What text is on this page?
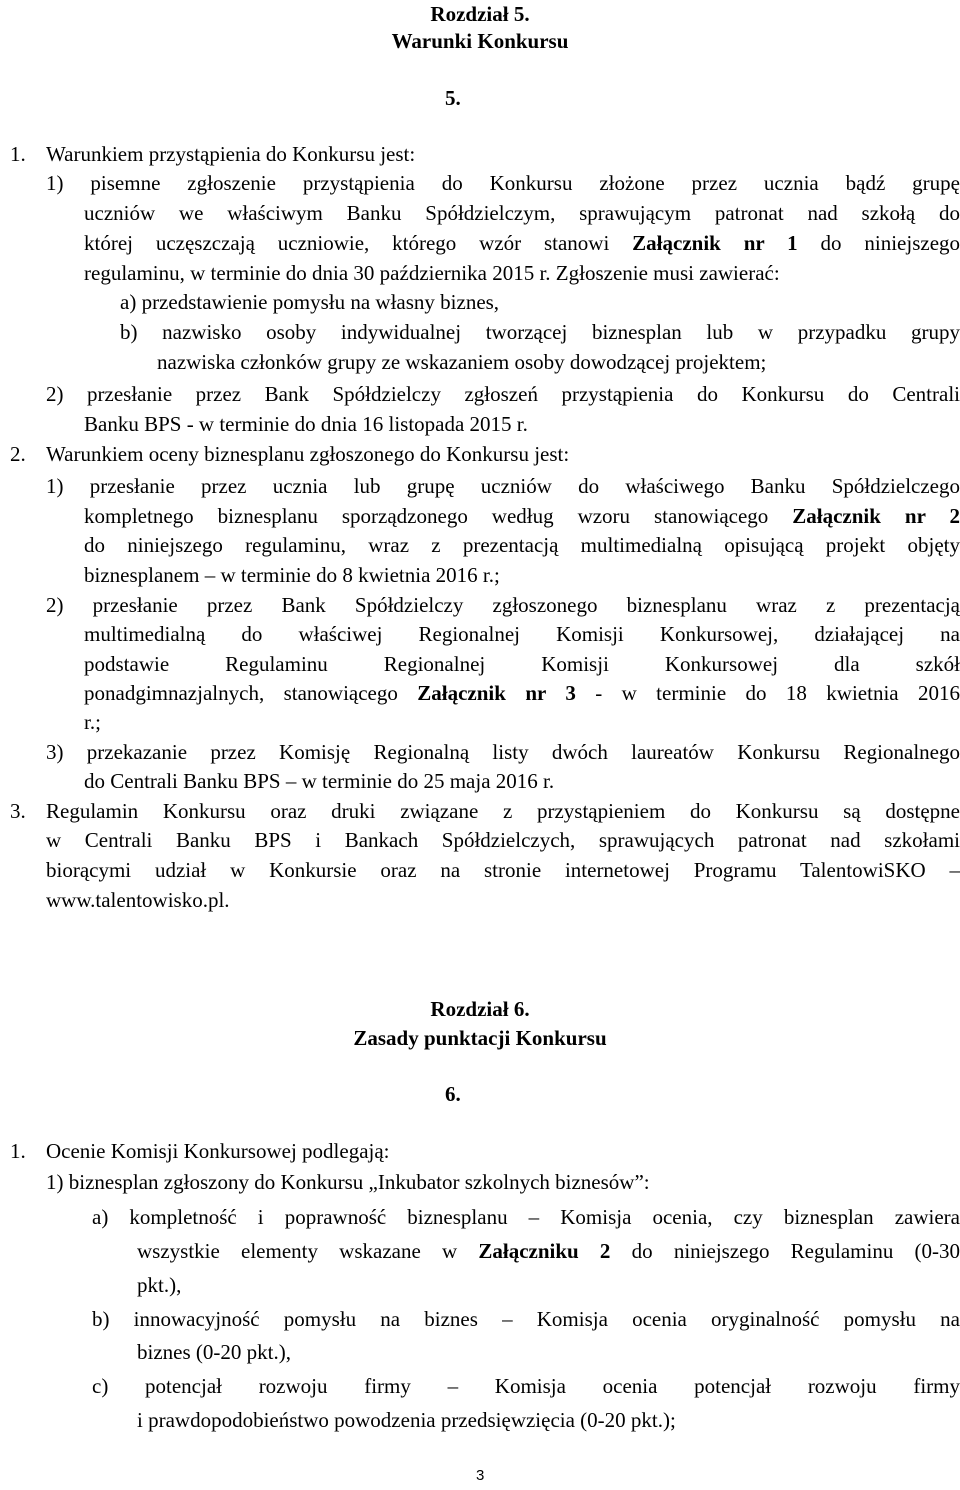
Rozdział 5.
Warunki Konkursu
5.
1. Warunkiem przystąpienia do Konkursu jest:
1) pisemne zgłoszenie przystąpienia do Konkursu złożone przez ucznia bądź grupę
uczniów we właściwym Banku Spółdzielczym, sprawującym patronat nad szkołą do
której uczęszczają uczniowie, którego wzór stanowi Załącznik nr 1 do niniejszego
regulaminu, w terminie do dnia 30 października 2015 r. Zgłoszenie musi zawierać:
a) przedstawienie pomysłu na własny biznes,
b) nazwisko osoby indywidualnej tworzącej biznesplan lub w przypadku grupy
nazwiska członków grupy ze wskazaniem osoby dowodzącej projektem;
2) przesłanie przez Bank Spółdzielczy zgłoszeń przystąpienia do Konkursu do Centrali
Banku BPS - w terminie do dnia 16 listopada 2015 r.
2. Warunkiem oceny biznesplanu zgłoszonego do Konkursu jest:
1) przesłanie przez ucznia lub grupę uczniów do właściwego Banku Spółdzielczego
kompletnego biznesplanu sporządzonego według wzoru stanowiącego Załącznik nr 2
do niniejszego regulaminu, wraz z prezentacją multimedialną opisującą projekt objęty
biznesplanem – w terminie do 8 kwietnia 2016 r.;
2) przesłanie przez Bank Spółdzielczy zgłoszonego biznesplanu wraz z prezentacją
multimedialną do właściwej Regionalnej Komisji Konkursowej, działającej na
podstawie Regulaminu Regionalnej Komisji Konkursowej dla szkół
ponadgimnazjalnych, stanowiącego Załącznik nr 3 - w terminie do 18 kwietnia 2016
r.;
3) przekazanie przez Komisję Regionalną listy dwóch laureatów Konkursu Regionalnego
do Centrali Banku BPS – w terminie do 25 maja 2016 r.
3. Regulamin Konkursu oraz druki związane z przystąpieniem do Konkursu są dostępne
w Centrali Banku BPS i Bankach Spółdzielczych, sprawujących patronat nad szkołami
biorącymi udział w Konkursie oraz na stronie internetowej Programu TalentowiSKO –
www.talentowisko.pl.
Rozdział 6.
Zasady punktacji Konkursu
6.
1. Ocenie Komisji Konkursowej podlegają:
1) biznesplan zgłoszony do Konkursu „Inkubator szkolnych biznesów”:
a) kompletność i poprawność biznesplanu – Komisja ocenia, czy biznesplan zawiera
wszystkie elementy wskazane w Załączniku 2 do niniejszego Regulaminu (0-30
pkt.),
b) innowacyjność pomysłu na biznes – Komisja ocenia oryginalność pomysłu na
biznes (0-20 pkt.),
c) potencjał rozwoju firmy – Komisja ocenia potencjał rozwoju firmy
i prawdopodobieństwo powodzenia przedsięwzięcia (0-20 pkt.);
3
